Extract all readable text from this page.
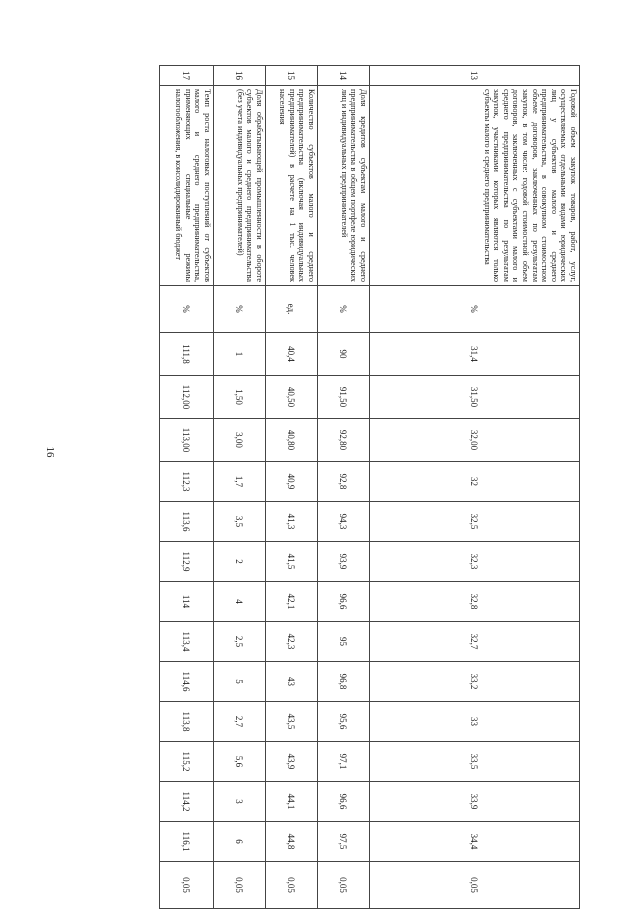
16
13	Годовой объем закупок товаров, работ, услуг, осуществляемых отдельными видами юридических лиц у субъектов малого и среднего предпринимательства, в совокупном стоимостном объеме договоров, заключенных по результатам закупок, в том числе: годовой стоимостной объем договоров, заключенных с субъектами малого и среднего предпринимательства по результатам закупок, участниками которых являются только субъекты малого и среднего предпринимательства	%	31,4	31,50	32,00	32	32,5	32,3	32,8	32,7	33,2	33	33,5	33,9	34,4	0,05
14	Доля кредитов субъектам малого и среднего предпринимательства в общем портфеле юридических лиц и индивидуальных предпринимателей	%	90	91,50	92,80	92,8	94,3	93,9	96,6	95	96,8	95,6	97,1	96,6	97,5	0,05
15	Количество субъектов малого и среднего предпринимательства (включая индивидуальных предпринимателей) в расчете на 1 тыс. человек населения	ед.	40,4	40,50	40,80	40,9	41,3	41,5	42,1	42,3	43	43,5	43,9	44,1	44,8	0,05
16	Доля обрабатывающей промышленности в обороте субъектов малого и среднего предпринимательства (без учета индивидуальных предпринимателей)	%	1	1,50	3,00	1,7	3,5	2	4	2,5	5	2,7	5,6	3	6	0,05
17	Темп роста налоговых поступлений от субъектов малого и среднего предпринимательства, применяющих специальные режимы налогообложения, в консолидированный бюджет	%	111,8	112,00	113,00	112,3	113,6	112,9	114	113,4	114,6	113,8	115,2	114,2	116,1	0,05
